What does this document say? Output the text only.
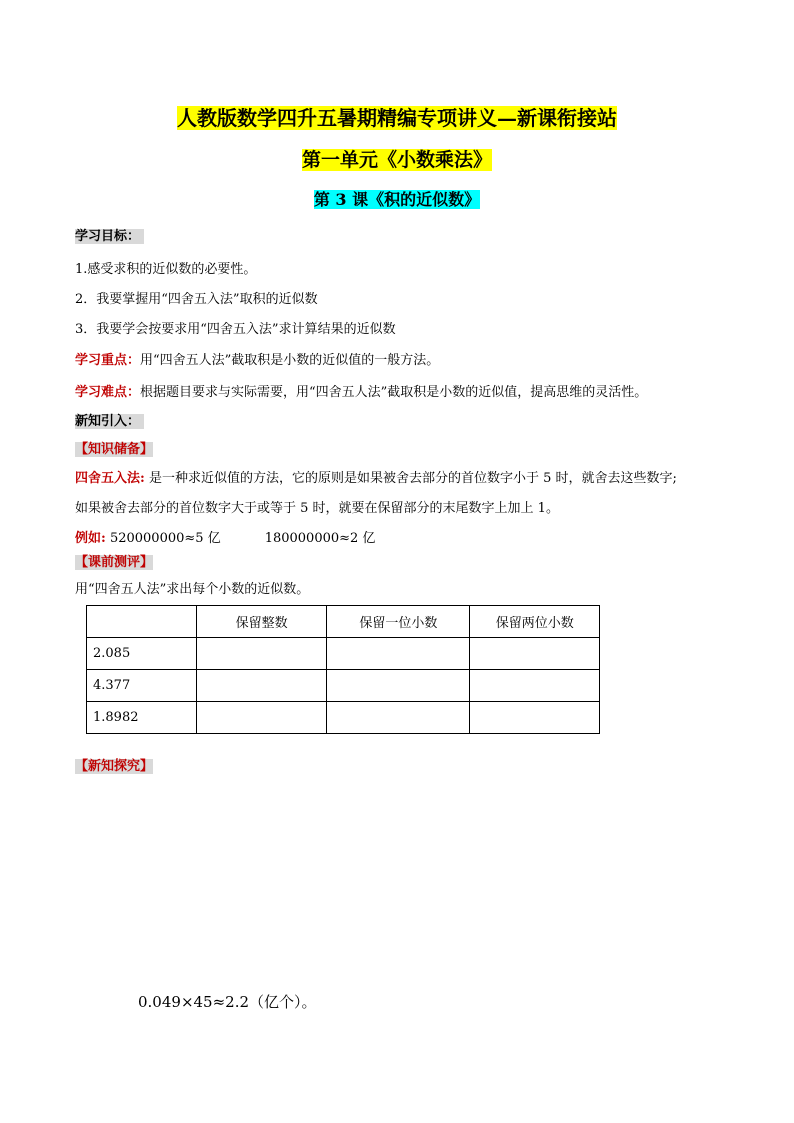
人教版数学四升五暑期精编专项讲义—新课衔接站
第一单元《小数乘法》
第 3 课《积的近似数》
学习目标：
1.感受求积的近似数的必要性。
2．我要掌握用“四舍五入法”取积的近似数
3．我要学会按要求用“四舍五入法”求计算结果的近似数
学习重点：用“四舍五人法”截取积是小数的近似值的一般方法。
学习难点：根据题目要求与实际需要，用“四舍五人法”截取积是小数的近似值，提高思维的灵活性。
新知引入：
【知识储备】
四舍五入法: 是一种求近似值的方法，它的原则是如果被舍去部分的首位数字小于 5 时，就舍去这些数字;
如果被舍去部分的首位数字大于或等于 5 时，就要在保留部分的末尾数字上加上 1。
例如: 520000000≈5 亿	180000000≈2 亿
【课前测评】
用“四舍五人法”求出每个小数的近似数。
	保留整数	保留一位小数	保留两位小数
2.085			
4.377			
1.8982			
【新知探究】
0.049×45≈2.2（亿个）。
